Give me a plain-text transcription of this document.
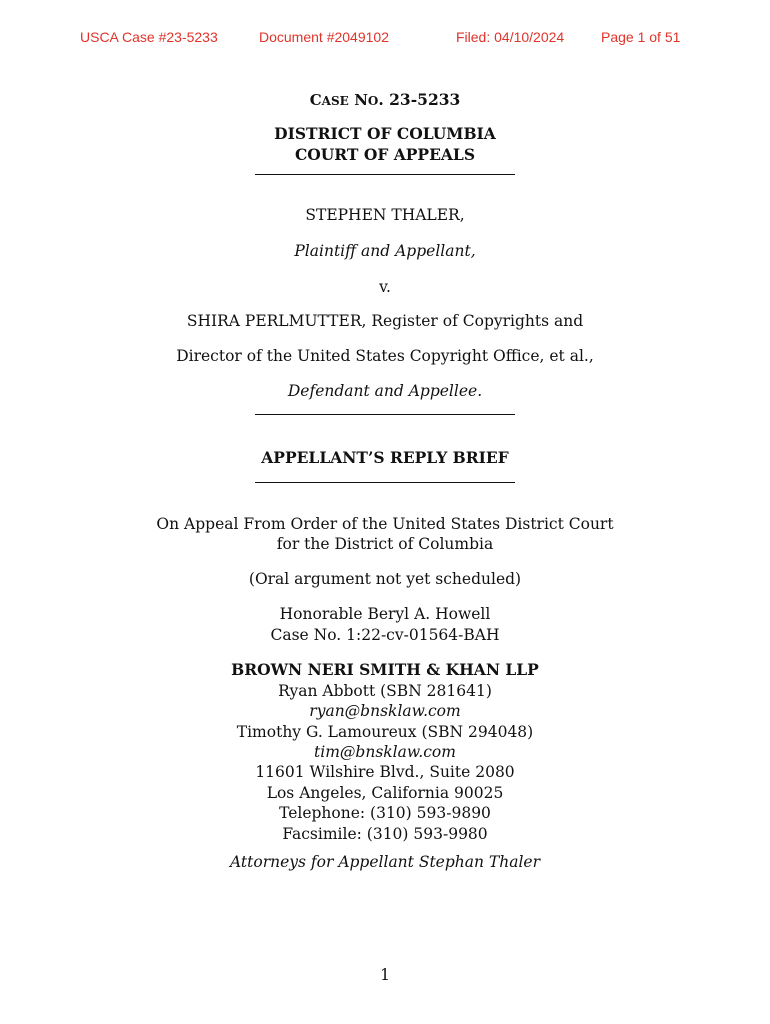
USCA Case #23-5233	Document #2049102	Filed: 04/10/2024	Page 1 of 51
CASE NO. 23-5233
DISTRICT OF COLUMBIA
COURT OF APPEALS
STEPHEN THALER,
Plaintiff and Appellant,
v.
SHIRA PERLMUTTER, Register of Copyrights and
Director of the United States Copyright Office, et al.,
Defendant and Appellee.
APPELLANT’S REPLY BRIEF
On Appeal From Order of the United States District Court
for the District of Columbia
(Oral argument not yet scheduled)
Honorable Beryl A. Howell
Case No. 1:22-cv-01564-BAH
BROWN NERI SMITH & KHAN LLP
Ryan Abbott (SBN 281641)
ryan@bnsklaw.com
Timothy G. Lamoureux (SBN 294048)
tim@bnsklaw.com
11601 Wilshire Blvd., Suite 2080
Los Angeles, California 90025
Telephone: (310) 593-9890
Facsimile: (310) 593-9980
Attorneys for Appellant Stephan Thaler
1
